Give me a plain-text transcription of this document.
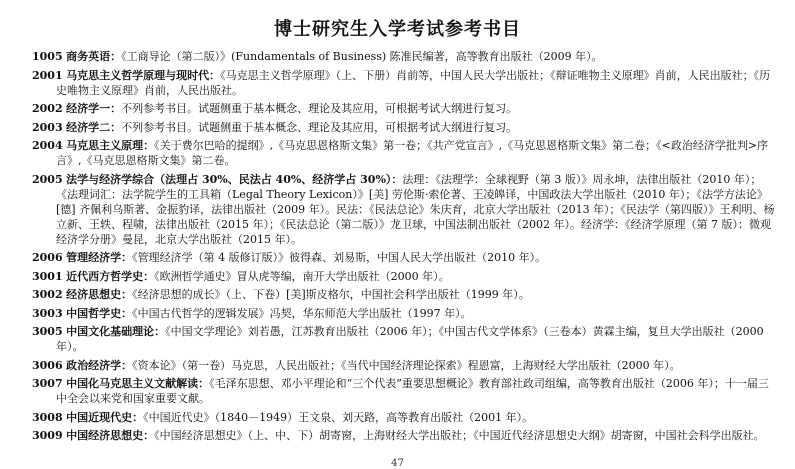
博士研究生入学考试参考书目
1005 商务英语：《工商导论（第二版）》(Fundamentals of Business) 陈准民编著，高等教育出版社（2009 年）。
2001 马克思主义哲学原理与现时代：《马克思主义哲学原理》（上、下册）肖前等，中国人民大学出版社；《辩证唯物主义原理》肖前，人民出版社；《历史唯物主义原理》肖前，人民出版社。
2002 经济学一：不列参考书目。试题侧重于基本概念、理论及其应用，可根据考试大纲进行复习。
2003 经济学二：不列参考书目。试题侧重于基本概念、理论及其应用，可根据考试大纲进行复习。
2004 马克思主义原理：《关于费尔巴哈的提纲》,《马克思恩格斯文集》第一卷；《共产党宣言》,《马克思恩格斯文集》第二卷；《<政治经济学批判>序言》,《马克思恩格斯文集》第二卷。
2005 法学与经济学综合（法理占 30%、民法占 40%、经济学占 30%）：法理：《法理学：全球视野（第 3 版）》周永坤，法律出版社（2010 年）；《法理词汇：法学院学生的工具箱（Legal Theory Lexicon）》[美] 劳伦斯·索伦著、王凌皞译，中国政法大学出版社（2010 年）；《法学方法论》[德] 齐佩利乌斯著、金振豹译，法律出版社（2009 年）。民法：《民法总论》朱庆育，北京大学出版社（2013 年）；《民法学（第四版）》王利明、杨立新、王轶、程啸，法律出版社（2015 年）；《民法总论（第二版）》龙卫球，中国法制出版社（2002 年）。经济学：《经济学原理（第 7 版）：微观经济学分册》曼昆，北京大学出版社（2015 年）。
2006 管理经济学：《管理经济学（第 4 版修订版）》彼得森、刘易斯，中国人民大学出版社（2010 年）。
3001 近代西方哲学史：《欧洲哲学通史》冒从虎等编，南开大学出版社（2000 年）。
3002 经济思想史：《经济思想的成长》（上、下卷）[美]斯皮格尔，中国社会科学出版社（1999 年）。
3003 中国哲学史：《中国古代哲学的逻辑发展》冯契，华东师范大学出版社（1997 年）。
3005 中国文化基础理论：《中国文学理论》刘若愚，江苏教育出版社（2006 年）；《中国古代文学体系》（三卷本）黄霖主编，复旦大学出版社（2000 年）。
3006 政治经济学：《资本论》（第一卷）马克思，人民出版社；《当代中国经济理论探索》程恩富，上海财经大学出版社（2000 年）。
3007 中国化马克思主义文献解读：《毛泽东思想、邓小平理论和“三个代表”重要思想概论》教育部社政司组编，高等教育出版社（2006 年）；十一届三中全会以来党和国家重要文献。
3008 中国近现代史：《中国近代史》（1840－1949）王文泉、刘天路，高等教育出版社（2001 年）。
3009 中国经济思想史：《中国经济思想史》（上、中、下）胡寄窗，上海财经大学出版社；《中国近代经济思想史大纲》胡寄窗，中国社会科学出版社。
47
